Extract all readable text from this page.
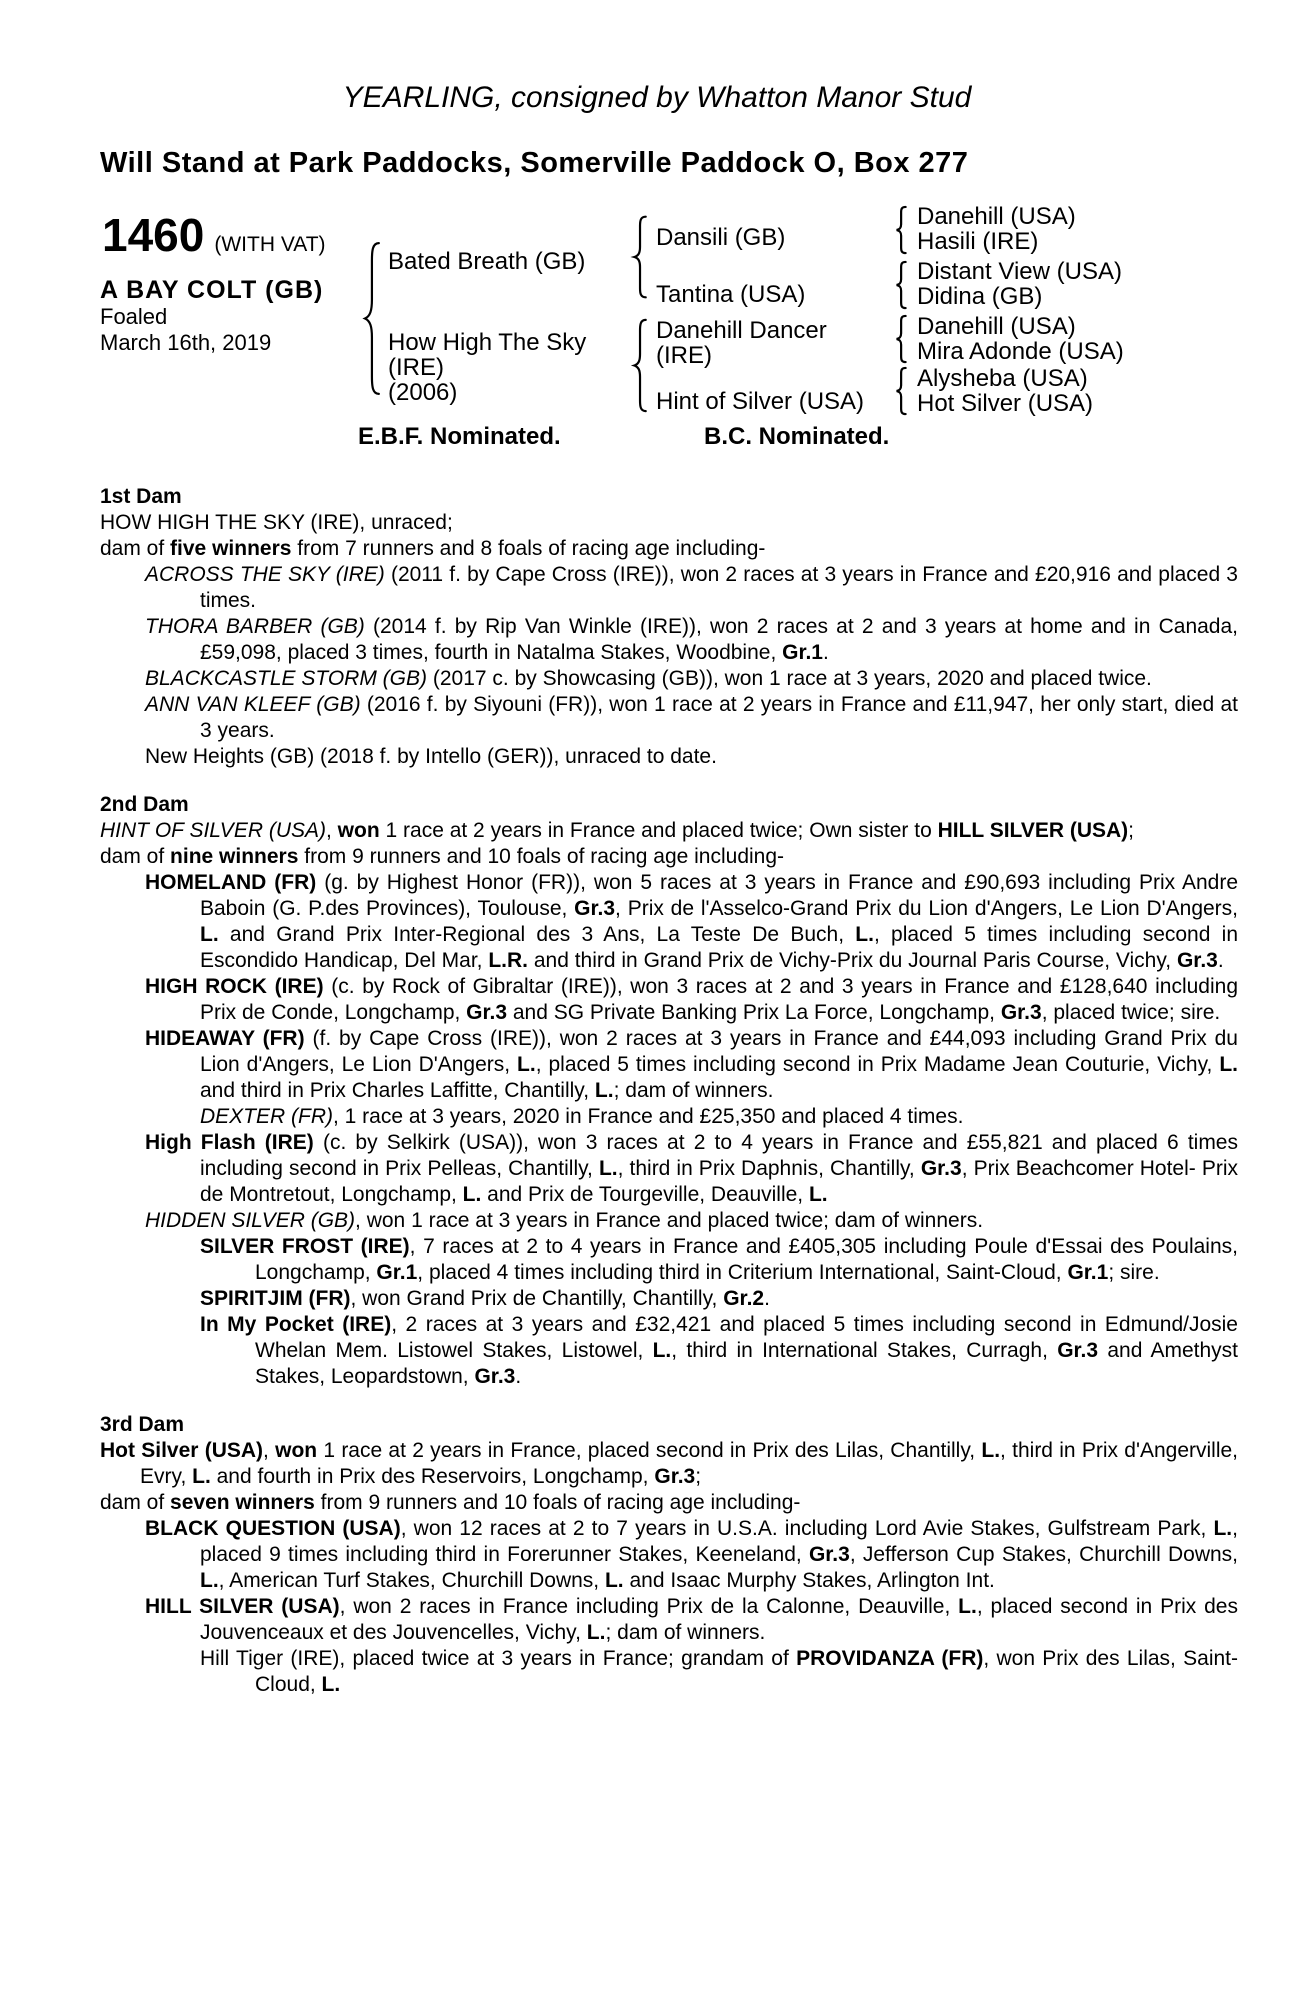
YEARLING, consigned by Whatton Manor Stud
Will Stand at Park Paddocks, Somerville Paddock O, Box 277
1460 (WITH VAT)
A BAY COLT (GB)
Foaled
March 16th, 2019
Bated Breath (GB)
How High The Sky
(IRE)
(2006)
Dansili (GB)
Tantina (USA)
Danehill Dancer
(IRE)
Hint of Silver (USA)
Danehill (USA)
Hasili (IRE)
Distant View (USA)
Didina (GB)
Danehill (USA)
Mira Adonde (USA)
Alysheba (USA)
Hot Silver (USA)
E.B.F. Nominated.	B.C. Nominated.
1st Dam

HOW HIGH THE SKY (IRE), unraced;

dam of five winners from 7 runners and 8 foals of racing age including-

ACROSS THE SKY (IRE) (2011 f. by Cape Cross (IRE)), won 2 races at 3 years in France and £20,916 and placed 3 times.

THORA BARBER (GB) (2014 f. by Rip Van Winkle (IRE)), won 2 races at 2 and 3 years at home and in Canada, £59,098, placed 3 times, fourth in Natalma Stakes, Woodbine, Gr.1.

BLACKCASTLE STORM (GB) (2017 c. by Showcasing (GB)), won 1 race at 3 years, 2020 and placed twice.

ANN VAN KLEEF (GB) (2016 f. by Siyouni (FR)), won 1 race at 2 years in France and £11,947, her only start, died at 3 years.

New Heights (GB) (2018 f. by Intello (GER)), unraced to date.

2nd Dam

HINT OF SILVER (USA), won 1 race at 2 years in France and placed twice; Own sister to HILL SILVER (USA);

dam of nine winners from 9 runners and 10 foals of racing age including-

HOMELAND (FR) (g. by Highest Honor (FR)), won 5 races at 3 years in France and £90,693 including Prix Andre Baboin (G. P.des Provinces), Toulouse, Gr.3, Prix de l'Asselco-Grand Prix du Lion d'Angers, Le Lion D'Angers, L. and Grand Prix Inter-Regional des 3 Ans, La Teste De Buch, L., placed 5 times including second in Escondido Handicap, Del Mar, L.R. and third in Grand Prix de Vichy-Prix du Journal Paris Course, Vichy, Gr.3.

HIGH ROCK (IRE) (c. by Rock of Gibraltar (IRE)), won 3 races at 2 and 3 years in France and £128,640 including Prix de Conde, Longchamp, Gr.3 and SG Private Banking Prix La Force, Longchamp, Gr.3, placed twice; sire.

HIDEAWAY (FR) (f. by Cape Cross (IRE)), won 2 races at 3 years in France and £44,093 including Grand Prix du Lion d'Angers, Le Lion D'Angers, L., placed 5 times including second in Prix Madame Jean Couturie, Vichy, L. and third in Prix Charles Laffitte, Chantilly, L.; dam of winners.

DEXTER (FR), 1 race at 3 years, 2020 in France and £25,350 and placed 4 times.

High Flash (IRE) (c. by Selkirk (USA)), won 3 races at 2 to 4 years in France and £55,821 and placed 6 times including second in Prix Pelleas, Chantilly, L., third in Prix Daphnis, Chantilly, Gr.3, Prix Beachcomer Hotel- Prix de Montretout, Longchamp, L. and Prix de Tourgeville, Deauville, L.

HIDDEN SILVER (GB), won 1 race at 3 years in France and placed twice; dam of winners.

SILVER FROST (IRE), 7 races at 2 to 4 years in France and £405,305 including Poule d'Essai des Poulains, Longchamp, Gr.1, placed 4 times including third in Criterium International, Saint-Cloud, Gr.1; sire.

SPIRITJIM (FR), won Grand Prix de Chantilly, Chantilly, Gr.2.

In My Pocket (IRE), 2 races at 3 years and £32,421 and placed 5 times including second in Edmund/Josie Whelan Mem. Listowel Stakes, Listowel, L., third in International Stakes, Curragh, Gr.3 and Amethyst Stakes, Leopardstown, Gr.3.

3rd Dam

Hot Silver (USA), won 1 race at 2 years in France, placed second in Prix des Lilas, Chantilly, L., third in Prix d'Angerville, Evry, L. and fourth in Prix des Reservoirs, Longchamp, Gr.3;

dam of seven winners from 9 runners and 10 foals of racing age including-

BLACK QUESTION (USA), won 12 races at 2 to 7 years in U.S.A. including Lord Avie Stakes, Gulfstream Park, L., placed 9 times including third in Forerunner Stakes, Keeneland, Gr.3, Jefferson Cup Stakes, Churchill Downs, L., American Turf Stakes, Churchill Downs, L. and Isaac Murphy Stakes, Arlington Int.

HILL SILVER (USA), won 2 races in France including Prix de la Calonne, Deauville, L., placed second in Prix des Jouvenceaux et des Jouvencelles, Vichy, L.; dam of winners.

Hill Tiger (IRE), placed twice at 3 years in France; grandam of PROVIDANZA (FR), won Prix des Lilas, Saint-Cloud, L.
